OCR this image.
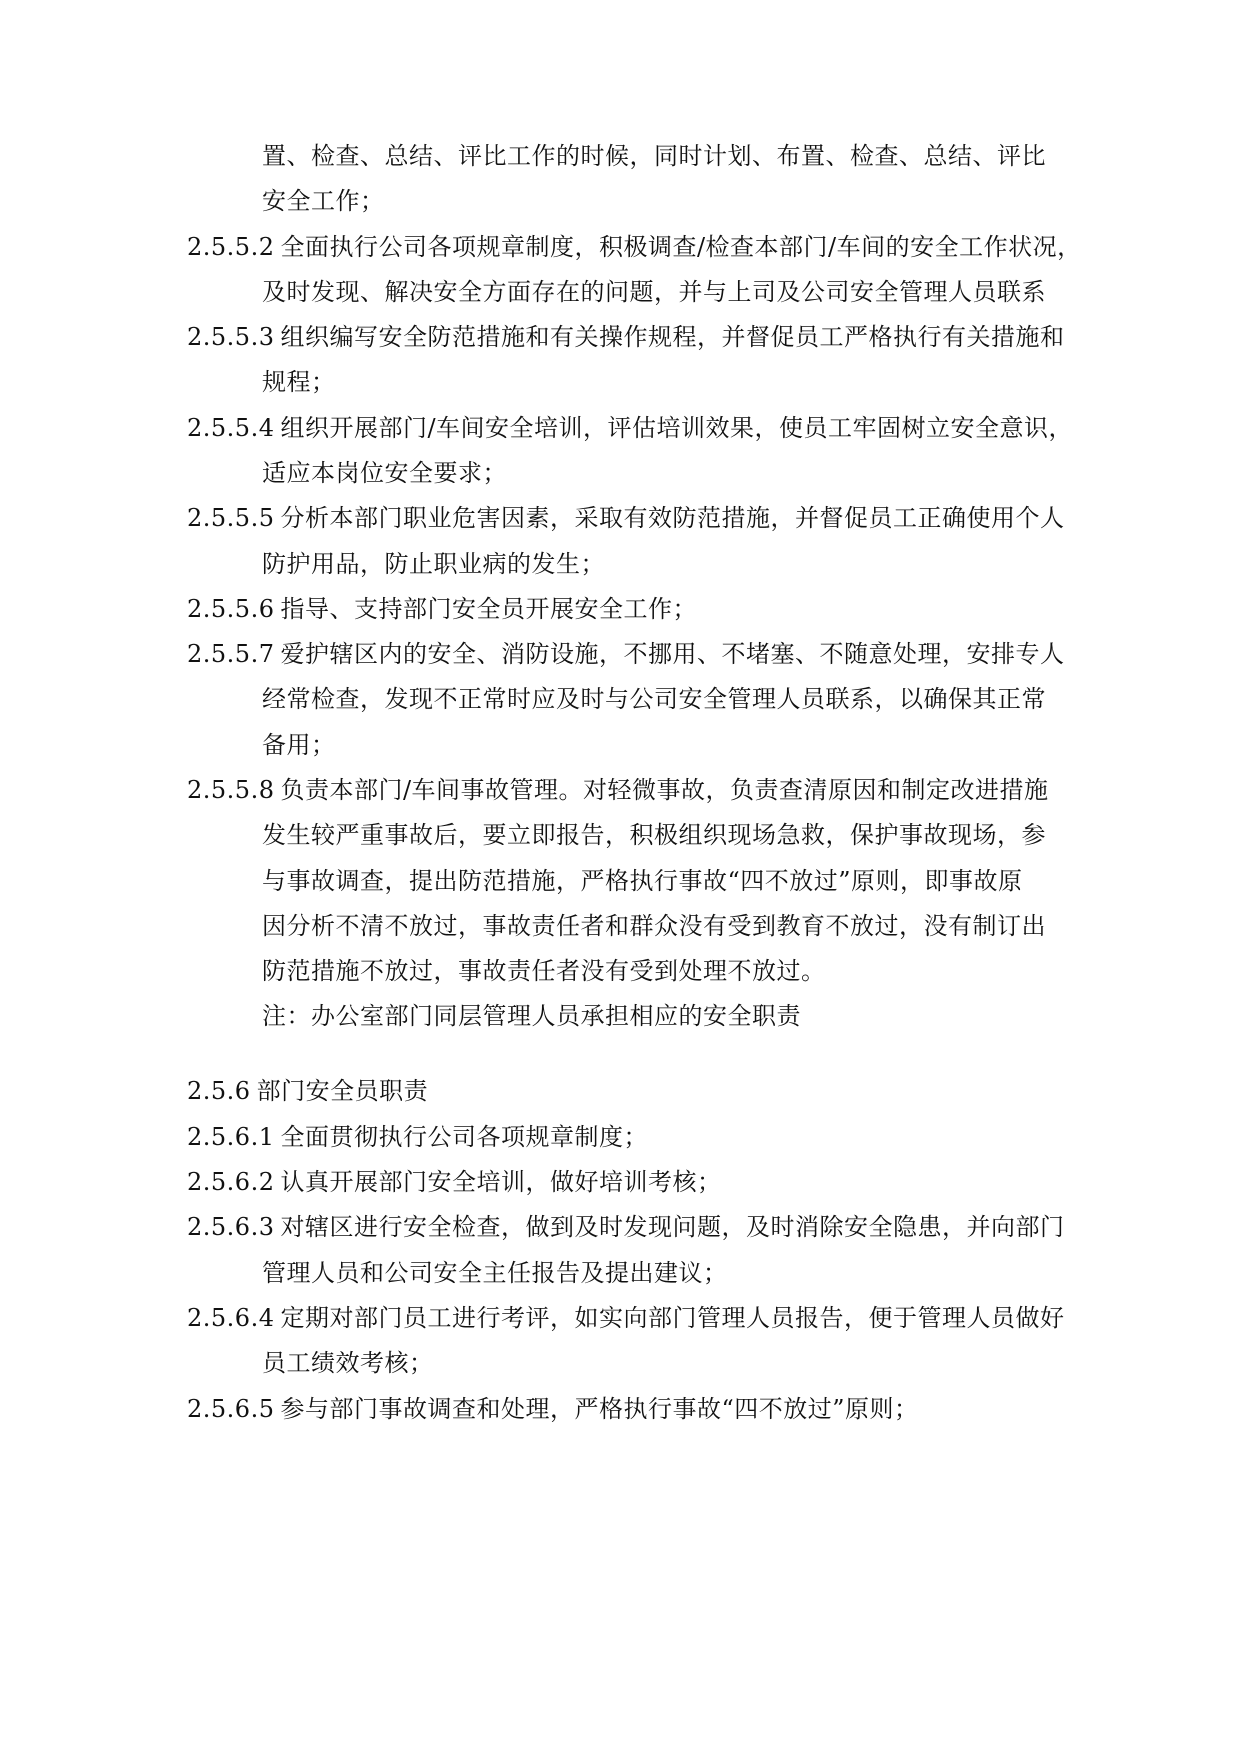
置、检查、总结、评比工作的时候，同时计划、布置、检查、总结、评比
安全工作；
2.5.5.2 全面执行公司各项规章制度，积极调查/检查本部门/车间的安全工作状况，
及时发现、解决安全方面存在的问题，并与上司及公司安全管理人员联系
2.5.5.3 组织编写安全防范措施和有关操作规程，并督促员工严格执行有关措施和
规程；
2.5.5.4 组织开展部门/车间安全培训，评估培训效果，使员工牢固树立安全意识，
适应本岗位安全要求；
2.5.5.5 分析本部门职业危害因素，采取有效防范措施，并督促员工正确使用个人
防护用品，防止职业病的发生；
2.5.5.6 指导、支持部门安全员开展安全工作；
2.5.5.7 爱护辖区内的安全、消防设施，不挪用、不堵塞、不随意处理，安排专人
经常检查，发现不正常时应及时与公司安全管理人员联系，以确保其正常
备用；
2.5.5.8 负责本部门/车间事故管理。对轻微事故，负责查清原因和制定改进措施
发生较严重事故后，要立即报告，积极组织现场急救，保护事故现场，参
与事故调查，提出防范措施，严格执行事故“四不放过”原则，即事故原
因分析不清不放过，事故责任者和群众没有受到教育不放过，没有制订出
防范措施不放过，事故责任者没有受到处理不放过。
注：办公室部门同层管理人员承担相应的安全职责
2.5.6 部门安全员职责
2.5.6.1 全面贯彻执行公司各项规章制度；
2.5.6.2 认真开展部门安全培训，做好培训考核；
2.5.6.3 对辖区进行安全检查，做到及时发现问题，及时消除安全隐患，并向部门
管理人员和公司安全主任报告及提出建议；
2.5.6.4 定期对部门员工进行考评，如实向部门管理人员报告，便于管理人员做好
员工绩效考核；
2.5.6.5 参与部门事故调查和处理，严格执行事故“四不放过”原则；
